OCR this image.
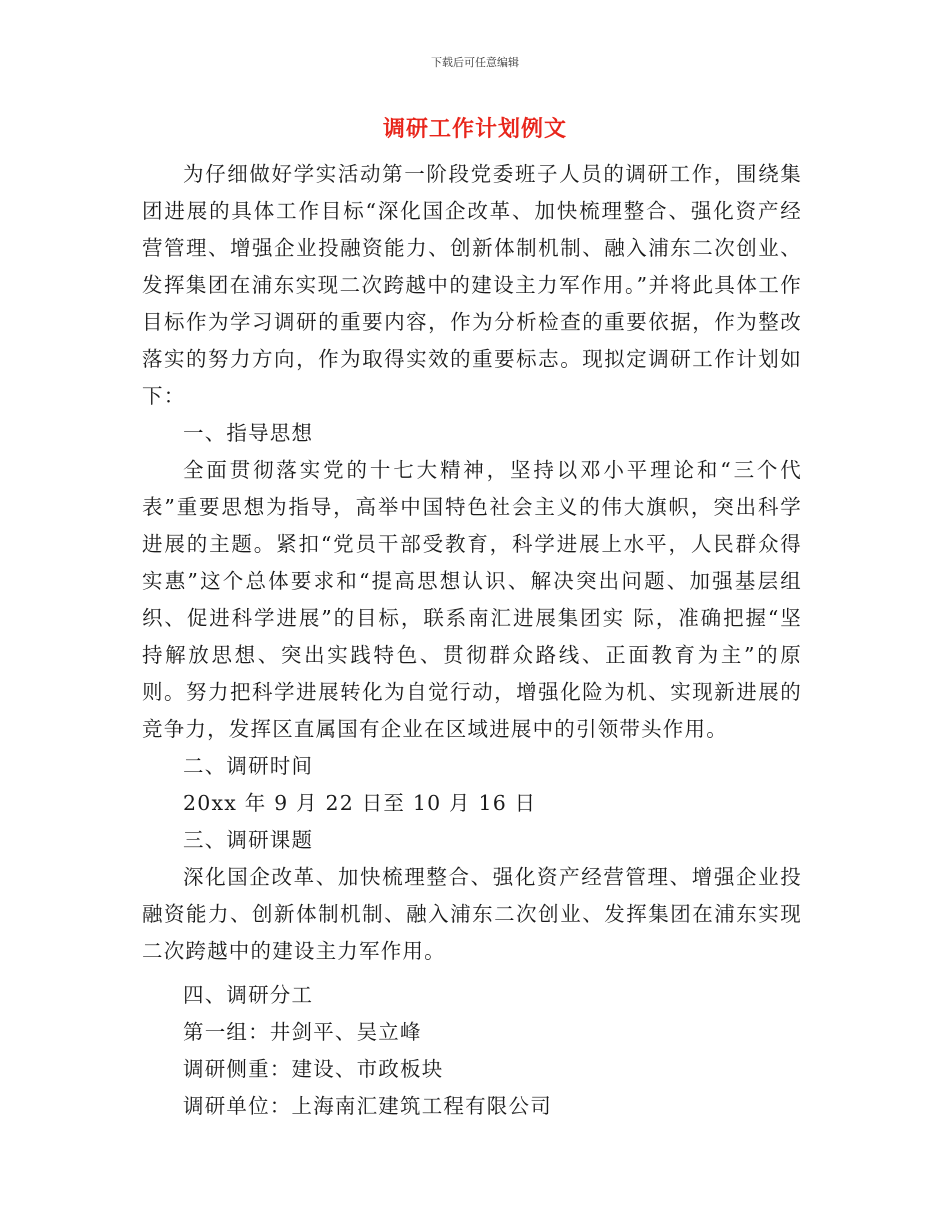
下载后可任意编辑
调研工作计划例文

为仔细做好学实活动第一阶段党委班子人员的调研工作，围绕集团进展的具体工作目标“深化国企改革、加快梳理整合、强化资产经营管理、增强企业投融资能力、创新体制机制、融入浦东二次创业、发挥集团在浦东实现二次跨越中的建设主力军作用。”并将此具体工作目标作为学习调研的重要内容，作为分析检查的重要依据，作为整改落实的努力方向，作为取得实效的重要标志。现拟定调研工作计划如下：

一、指导思想

全面贯彻落实党的十七大精神，坚持以邓小平理论和“三个代表”重要思想为指导，高举中国特色社会主义的伟大旗帜，突出科学进展的主题。紧扣“党员干部受教育，科学进展上水平，人民群众得实惠”这个总体要求和“提高思想认识、解决突出问题、加强基层组织、促进科学进展”的目标，联系南汇进展集团实 际，准确把握“坚持解放思想、突出实践特色、贯彻群众路线、正面教育为主”的原则。努力把科学进展转化为自觉行动，增强化险为机、实现新进展的竞争力，发挥区直属国有企业在区域进展中的引领带头作用。

二、调研时间

20xx 年 9 月 22 日至 10 月 16 日

三、调研课题

深化国企改革、加快梳理整合、强化资产经营管理、增强企业投融资能力、创新体制机制、融入浦东二次创业、发挥集团在浦东实现二次跨越中的建设主力军作用。

四、调研分工

第一组：井剑平、吴立峰

调研侧重：建设、市政板块

调研单位：上海南汇建筑工程有限公司
